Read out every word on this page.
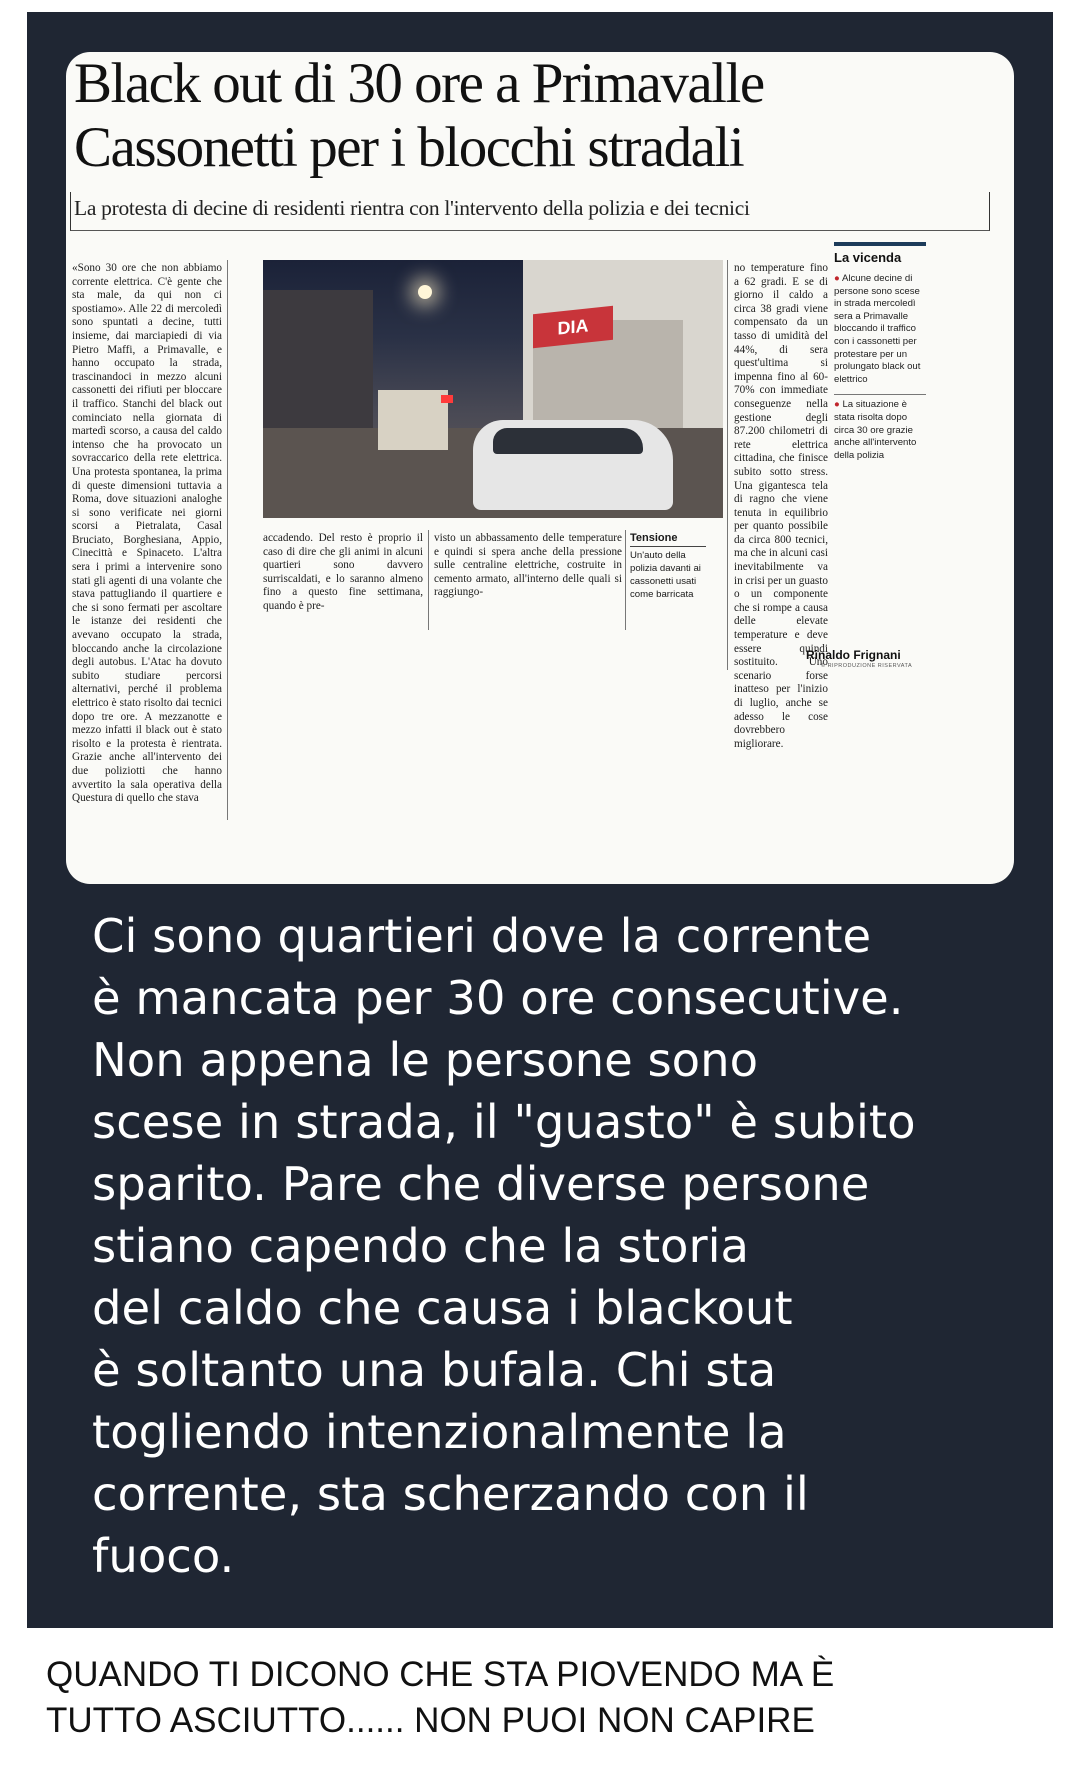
Black out di 30 ore a Primavalle
Cassonetti per i blocchi stradali
La protesta di decine di residenti rientra con l'intervento della polizia e dei tecnici
«Sono 30 ore che non abbiamo corrente elettrica. C'è gente che sta male, da qui non ci spostiamo». Alle 22 di mercoledì sono spuntati a decine, tutti insieme, dai marciapiedi di via Pietro Maffi, a Primavalle, e hanno occupato la strada, trascinandoci in mezzo alcuni cassonetti dei rifiuti per bloccare il traffico. Stanchi del black out cominciato nella giornata di martedì scorso, a causa del caldo intenso che ha provocato un sovraccarico della rete elettrica. Una protesta spontanea, la prima di queste dimensioni tuttavia a Roma, dove situazioni analoghe si sono verificate nei giorni scorsi a Pietralata, Casal Bruciato, Borghesiana, Appio, Cinecittà e Spinaceto. L'altra sera i primi a intervenire sono stati gli agenti di una volante che stava pattugliando il quartiere e che si sono fermati per ascoltare le istanze dei residenti che avevano occupato la strada, bloccando anche la circolazione degli autobus. L'Atac ha dovuto subito studiare percorsi alternativi, perché il problema elettrico è stato risolto dai tecnici dopo tre ore. A mezzanotte e mezzo infatti il black out è stato risolto e la protesta è rientrata. Grazie anche all'intervento dei due poliziotti che hanno avvertito la sala operativa della Questura di quello che stava
DIA
accadendo. Del resto è proprio il caso di dire che gli animi in alcuni quartieri sono davvero surriscaldati, e lo saranno almeno fino a questo fine settimana, quando è pre-
visto un abbassamento delle temperature e quindi si spera anche della pressione sulle centraline elettriche, costruite in cemento armato, all'interno delle quali si raggiungo-
Tensione
Un'auto della polizia davanti ai cassonetti usati come barricata
no temperature fino a 62 gradi. E se di giorno il caldo a circa 38 gradi viene compensato da un tasso di umidità del 44%, di sera quest'ultima si impenna fino al 60-70% con immediate conseguenze nella gestione degli 87.200 chilometri di rete elettrica cittadina, che finisce subito sotto stress. Una gigantesca tela di ragno che viene tenuta in equilibrio per quanto possibile da circa 800 tecnici, ma che in alcuni casi inevitabilmente va in crisi per un guasto o un componente che si rompe a causa delle elevate temperature e deve essere quindi sostituito. Uno scenario forse inatteso per l'inizio di luglio, anche se adesso le cose dovrebbero migliorare.
Rinaldo Frignani
© RIPRODUZIONE RISERVATA
La vicenda
● Alcune decine di persone sono scese in strada mercoledì sera a Primavalle bloccando il traffico con i cassonetti per protestare per un prolungato black out elettrico
● La situazione è stata risolta dopo circa 30 ore grazie anche all'intervento della polizia
Ci sono quartieri dove la corrente
è mancata per 30 ore consecutive.
Non appena le persone sono
scese in strada, il "guasto" è subito
sparito. Pare che diverse persone
stiano capendo che la storia
del caldo che causa i blackout
è soltanto una bufala. Chi sta
togliendo intenzionalmente la
corrente, sta scherzando con il
fuoco.
QUANDO TI DICONO CHE STA PIOVENDO MA È
TUTTO ASCIUTTO...... NON PUOI NON CAPIRE
